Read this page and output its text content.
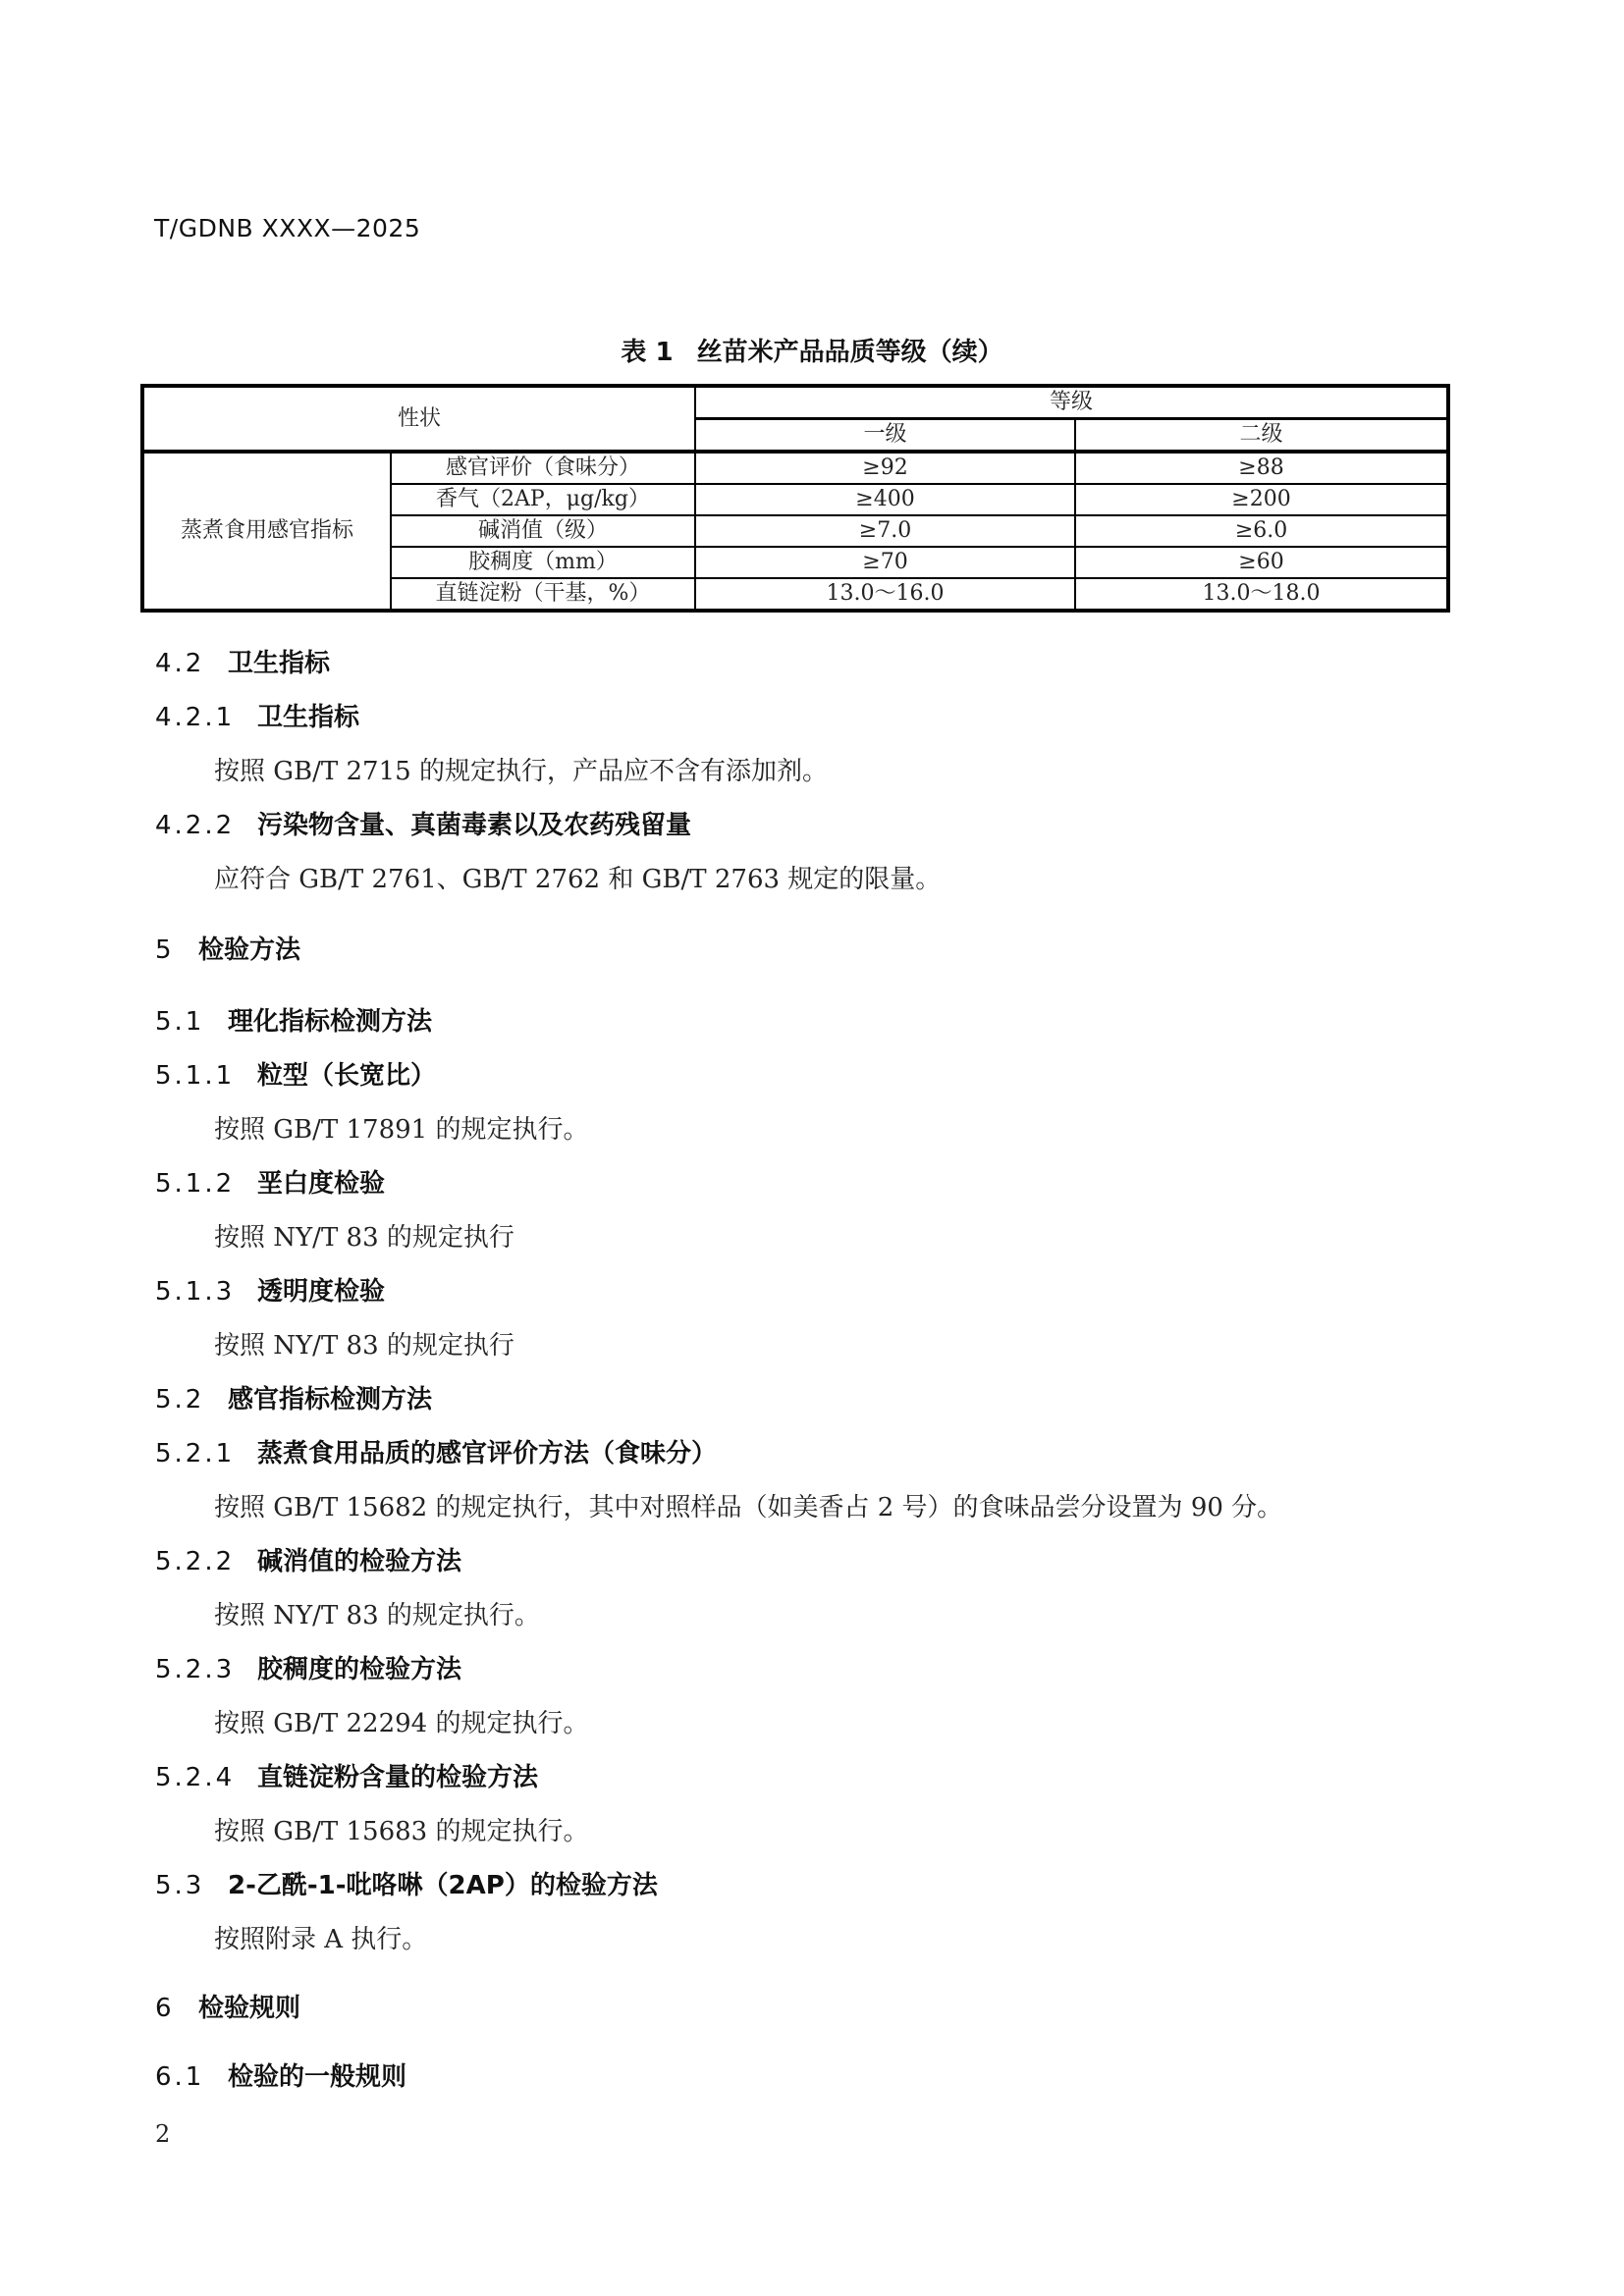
T/GDNB XXXX—2025
表 1 丝苗米产品品质等级（续）
性状		等级	
		一级	二级
蒸煮食用感官指标	感官评价（食味分）	≥92	≥88
	香气（2AP，μg/kg）	≥400	≥200
	碱消值（级）	≥7.0	≥6.0
	胶稠度（mm）	≥70	≥60
	直链淀粉（干基，%）	13.0～16.0	13.0～18.0
4.2 卫生指标
4.2.1 卫生指标
按照 GB/T 2715 的规定执行，产品应不含有添加剂。
4.2.2 污染物含量、真菌毒素以及农药残留量
应符合 GB/T 2761、GB/T 2762 和 GB/T 2763 规定的限量。
5 检验方法
5.1 理化指标检测方法
5.1.1 粒型（长宽比）
按照 GB/T 17891 的规定执行。
5.1.2 垩白度检验
按照 NY/T 83 的规定执行
5.1.3 透明度检验
按照 NY/T 83 的规定执行
5.2 感官指标检测方法
5.2.1 蒸煮食用品质的感官评价方法（食味分）
按照 GB/T 15682 的规定执行，其中对照样品（如美香占 2 号）的食味品尝分设置为 90 分。
5.2.2 碱消值的检验方法
按照 NY/T 83 的规定执行。
5.2.3 胶稠度的检验方法
按照 GB/T 22294 的规定执行。
5.2.4 直链淀粉含量的检验方法
按照 GB/T 15683 的规定执行。
5.3 2-乙酰-1-吡咯啉（2AP）的检验方法
按照附录 A 执行。
6 检验规则
6.1 检验的一般规则
2
